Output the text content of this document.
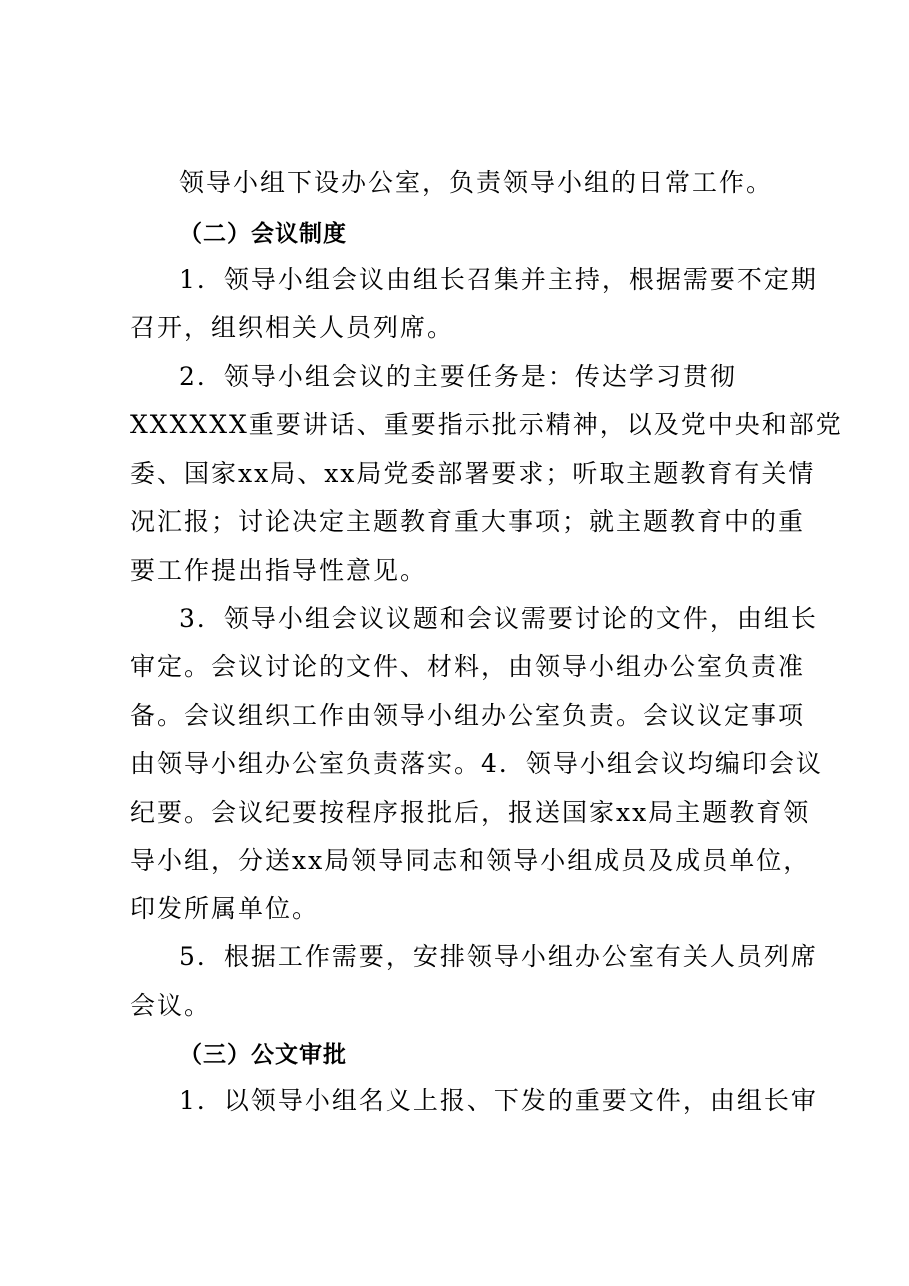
领导小组下设办公室，负责领导小组的日常工作。
（二）会议制度
1．领导小组会议由组长召集并主持，根据需要不定期
召开，组织相关人员列席。
2．领导小组会议的主要任务是：传达学习贯彻
XXXXXX重要讲话、重要指示批示精神，以及党中央和部党
委、国家xx局、xx局党委部署要求；听取主题教育有关情
况汇报；讨论决定主题教育重大事项；就主题教育中的重
要工作提出指导性意见。
3．领导小组会议议题和会议需要讨论的文件，由组长
审定。会议讨论的文件、材料，由领导小组办公室负责准
备。会议组织工作由领导小组办公室负责。会议议定事项
由领导小组办公室负责落实。4．领导小组会议均编印会议
纪要。会议纪要按程序报批后，报送国家xx局主题教育领
导小组，分送xx局领导同志和领导小组成员及成员单位，
印发所属单位。
5．根据工作需要，安排领导小组办公室有关人员列席
会议。
（三）公文审批
1．以领导小组名义上报、下发的重要文件，由组长审
